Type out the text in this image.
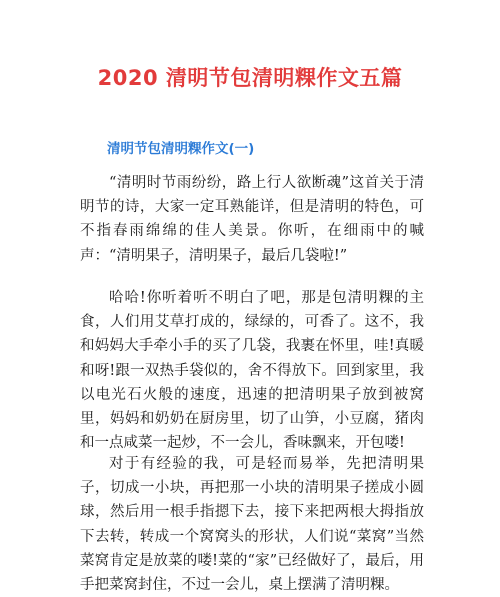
2020 清明节包清明粿作文五篇
清明节包清明粿作文(一)

“清明时节雨纷纷，路上行人欲断魂”这首关于清明节的诗，大家一定耳熟能详，但是清明的特色，可不指春雨绵绵的佳人美景。你听，在细雨中的喊声：“清明果子，清明果子，最后几袋啦!”

哈哈!你听着听不明白了吧，那是包清明粿的主食，人们用艾草打成的，绿绿的，可香了。这不，我和妈妈大手牵小手的买了几袋，我裹在怀里，哇!真暖和呀!跟一双热手袋似的，舍不得放下。回到家里，我以电光石火般的速度，迅速的把清明果子放到被窝里，妈妈和奶奶在厨房里，切了山笋，小豆腐，猪肉和一点咸菜一起炒，不一会儿，香味飘来，开包喽!

对于有经验的我，可是轻而易举，先把清明果子，切成一小块，再把那一小块的清明果子搓成小圆球，然后用一根手指摁下去，接下来把两根大拇指放下去转，转成一个窝窝头的形状，人们说“菜窝”当然菜窝肯定是放菜的喽!菜的“家”已经做好了，最后，用手把菜窝封住，不过一会儿，桌上摆满了清明粿。
